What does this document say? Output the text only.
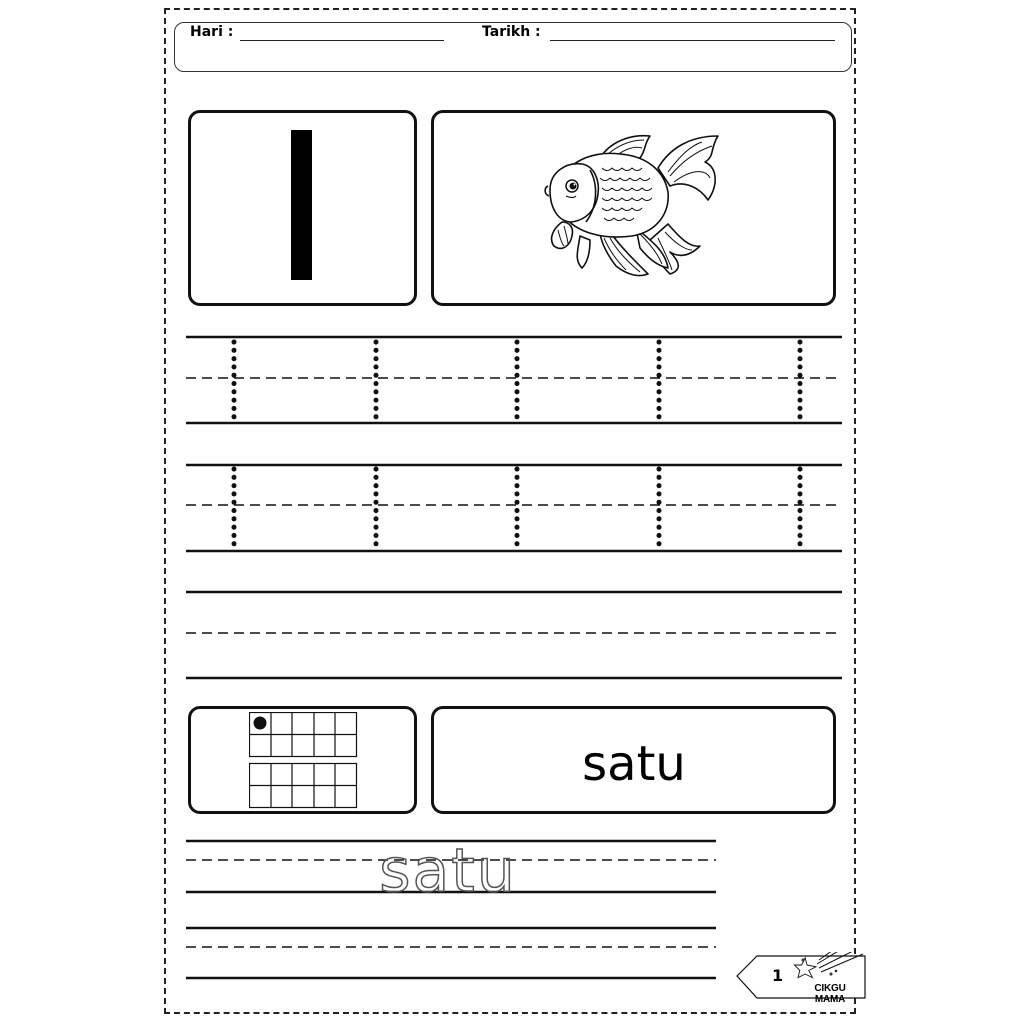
Hari :	Tarikh :
satu
satu
1
CIKGU MAMA
